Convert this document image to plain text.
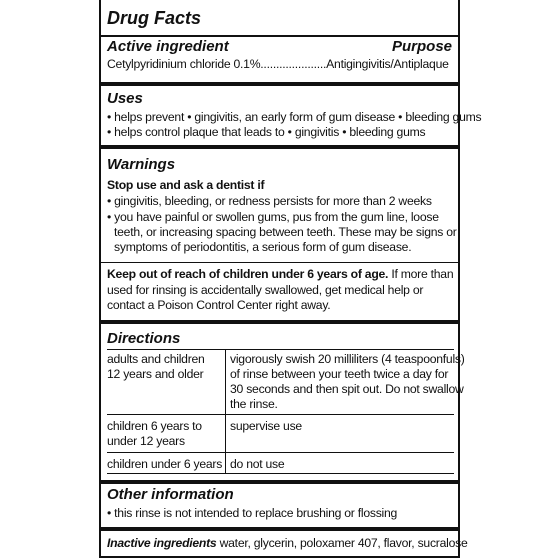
Drug Facts
Active ingredient	Purpose
Cetylpyridinium chloride 0.1%.....................Antigingivitis/Antiplaque
Uses
• helps prevent • gingivitis, an early form of gum disease • bleeding gums
• helps control plaque that leads to • gingivitis • bleeding gums
Warnings
Stop use and ask a dentist if
• gingivitis, bleeding, or redness persists for more than 2 weeks
• you have painful or swollen gums, pus from the gum line, loose
teeth, or increasing spacing between teeth. These may be signs or
symptoms of periodontitis, a serious form of gum disease.
Keep out of reach of children under 6 years of age. If more than
used for rinsing is accidentally swallowed, get medical help or
contact a Poison Control Center right away.
Directions
adults and children
12 years and older
vigorously swish 20 milliliters (4 teaspoonfuls)
of rinse between your teeth twice a day for
30 seconds and then spit out. Do not swallow
the rinse.
children 6 years to
under 12 years
supervise use
children under 6 years do not use
Other information
• this rinse is not intended to replace brushing or flossing
Inactive ingredients water, glycerin, poloxamer 407, flavor, sucralose
